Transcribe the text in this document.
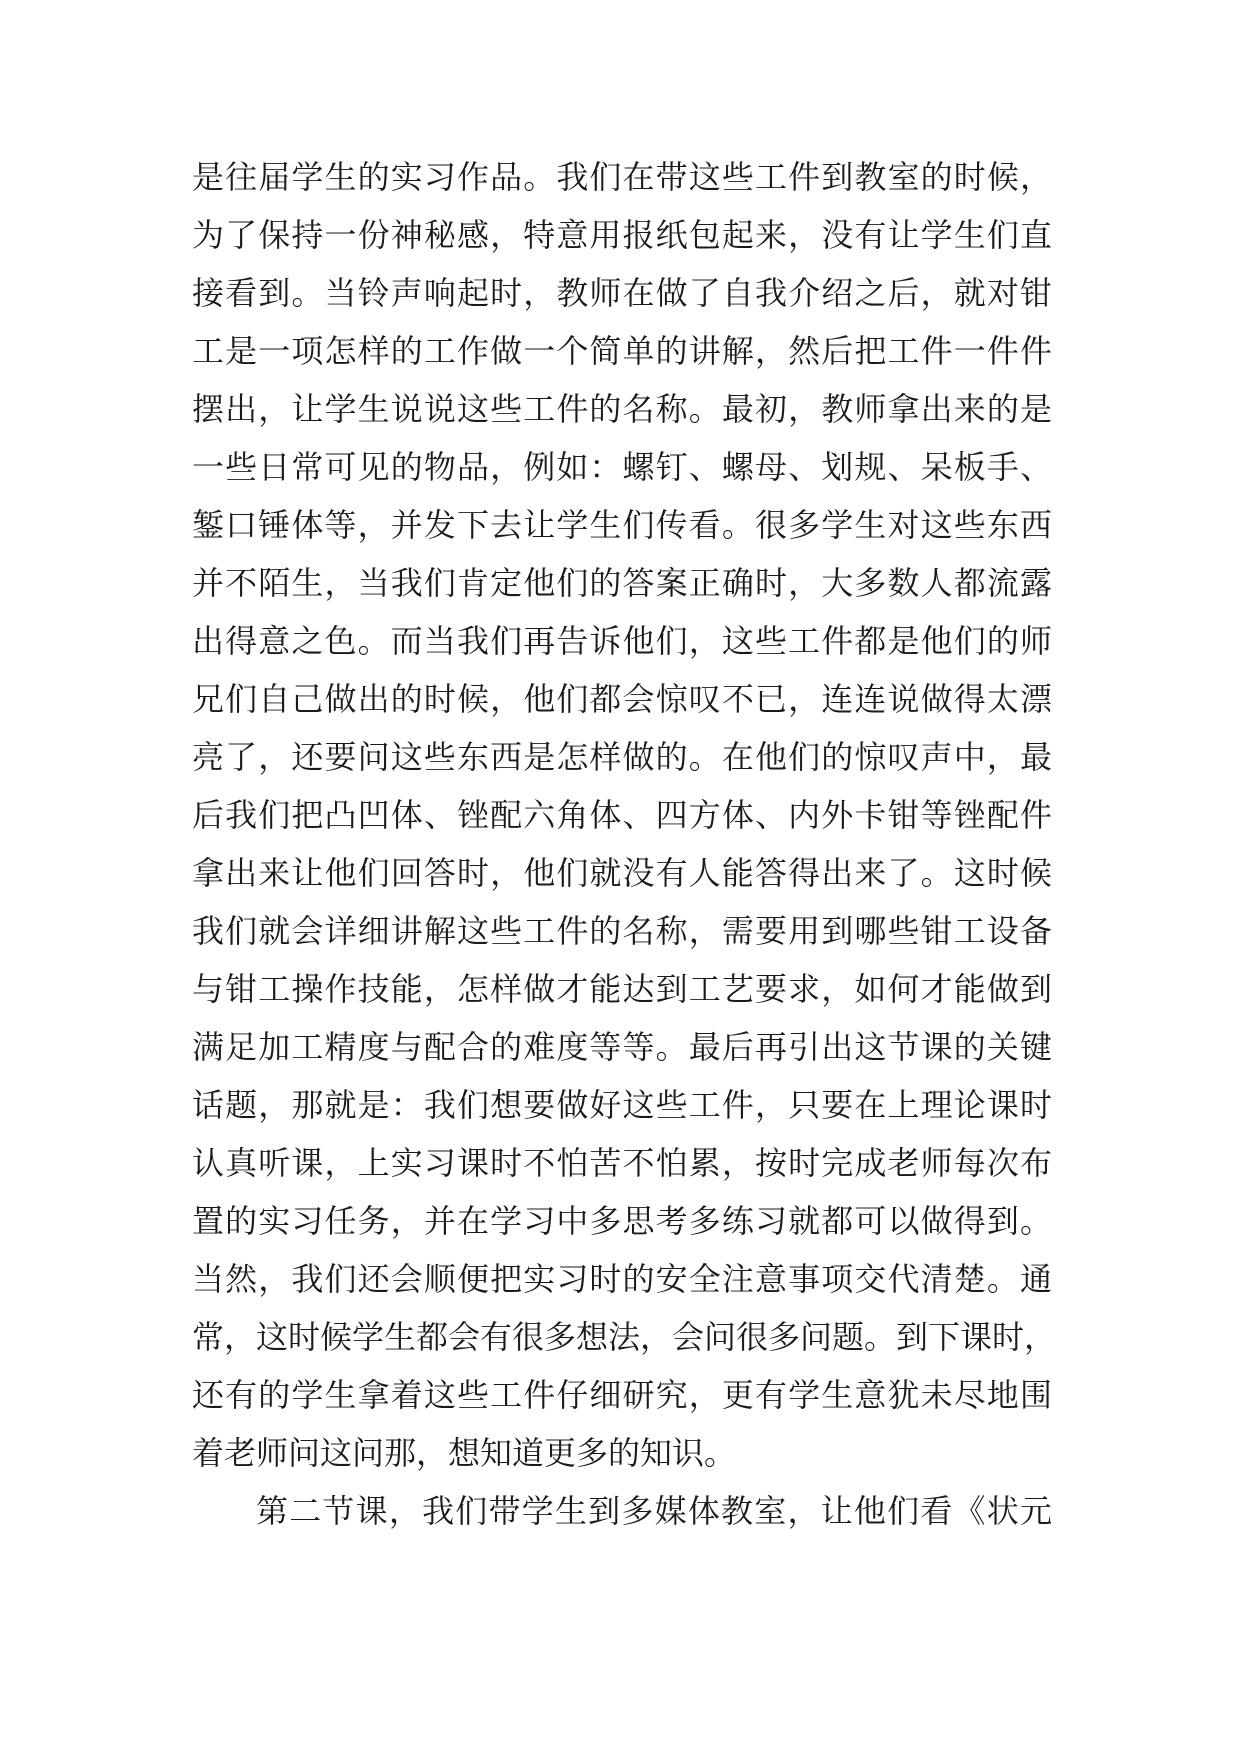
是往届学生的实习作品。我们在带这些工件到教室的时候，
为了保持一份神秘感，特意用报纸包起来，没有让学生们直
接看到。当铃声响起时，教师在做了自我介绍之后，就对钳
工是一项怎样的工作做一个简单的讲解，然后把工件一件件
摆出，让学生说说这些工件的名称。最初，教师拿出来的是
一些日常可见的物品，例如：螺钉、螺母、划规、呆板手、
錾口锤体等，并发下去让学生们传看。很多学生对这些东西
并不陌生，当我们肯定他们的答案正确时，大多数人都流露
出得意之色。而当我们再告诉他们，这些工件都是他们的师
兄们自己做出的时候，他们都会惊叹不已，连连说做得太漂
亮了，还要问这些东西是怎样做的。在他们的惊叹声中，最
后我们把凸凹体、锉配六角体、四方体、内外卡钳等锉配件
拿出来让他们回答时，他们就没有人能答得出来了。这时候
我们就会详细讲解这些工件的名称，需要用到哪些钳工设备
与钳工操作技能，怎样做才能达到工艺要求，如何才能做到
满足加工精度与配合的难度等等。最后再引出这节课的关键
话题，那就是：我们想要做好这些工件，只要在上理论课时
认真听课，上实习课时不怕苦不怕累，按时完成老师每次布
置的实习任务，并在学习中多思考多练习就都可以做得到。
当然，我们还会顺便把实习时的安全注意事项交代清楚。通
常，这时候学生都会有很多想法，会问很多问题。到下课时，
还有的学生拿着这些工件仔细研究，更有学生意犹未尽地围
着老师问这问那，想知道更多的知识。
第二节课，我们带学生到多媒体教室，让他们看《状元
